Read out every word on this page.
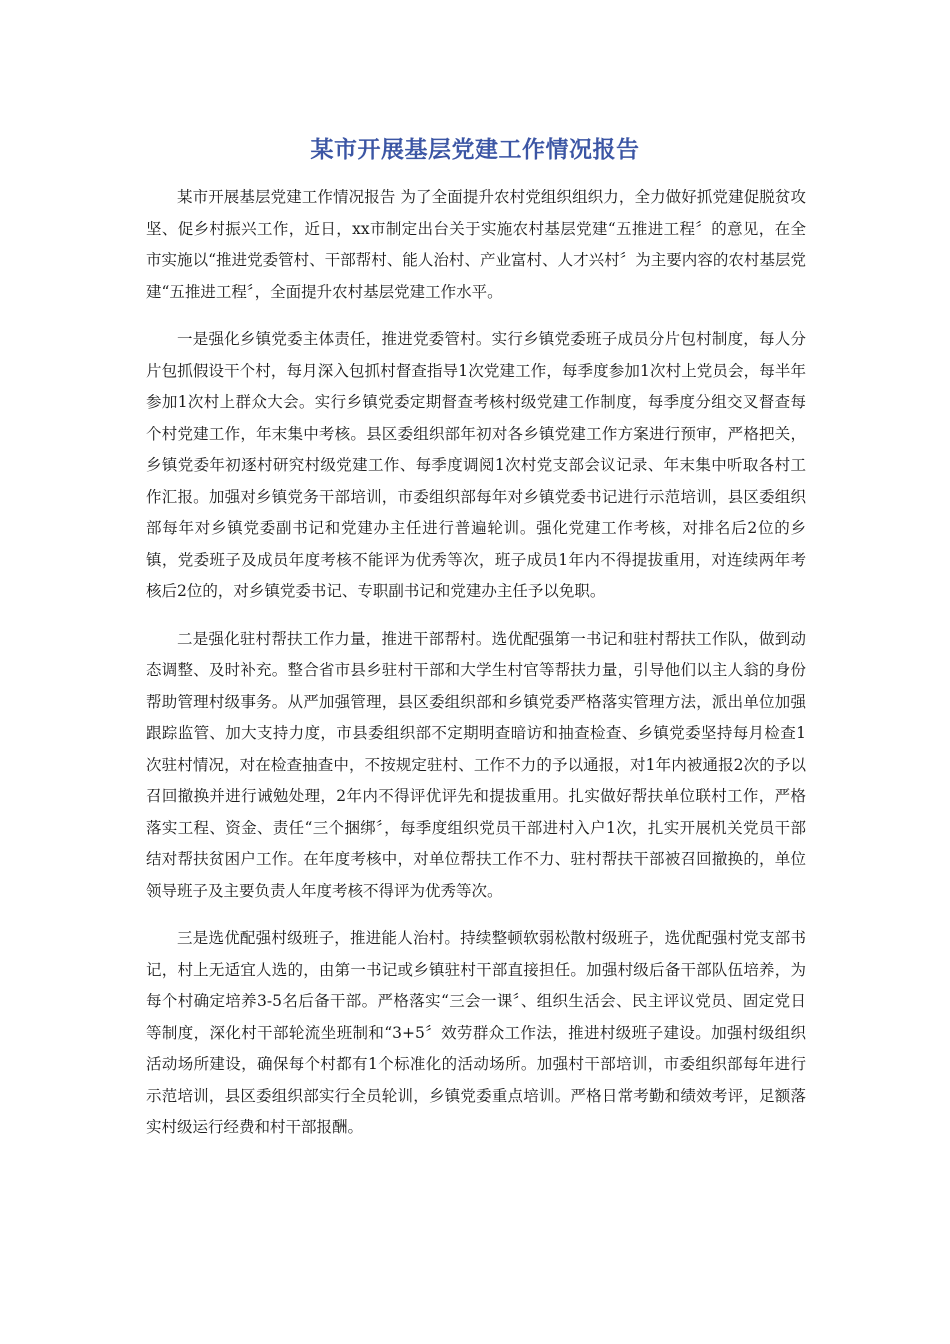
某市开展基层党建工作情况报告

某市开展基层党建工作情况报告 为了全面提升农村党组织组织力，全力做好抓党建促脱贫攻坚、促乡村振兴工作，近日，xx市制定出台关于实施农村基层党建“五推进工程〞的意见，在全市实施以“推进党委管村、干部帮村、能人治村、产业富村、人才兴村〞为主要内容的农村基层党建“五推进工程〞，全面提升农村基层党建工作水平。

一是强化乡镇党委主体责任，推进党委管村。实行乡镇党委班子成员分片包村制度，每人分片包抓假设干个村，每月深入包抓村督查指导1次党建工作，每季度参加1次村上党员会，每半年参加1次村上群众大会。实行乡镇党委定期督查考核村级党建工作制度，每季度分组交叉督查每个村党建工作，年末集中考核。县区委组织部年初对各乡镇党建工作方案进行预审，严格把关，乡镇党委年初逐村研究村级党建工作、每季度调阅1次村党支部会议记录、年末集中听取各村工作汇报。加强对乡镇党务干部培训，市委组织部每年对乡镇党委书记进行示范培训，县区委组织部每年对乡镇党委副书记和党建办主任进行普遍轮训。强化党建工作考核，对排名后2位的乡镇，党委班子及成员年度考核不能评为优秀等次，班子成员1年内不得提拔重用，对连续两年考核后2位的，对乡镇党委书记、专职副书记和党建办主任予以免职。

二是强化驻村帮扶工作力量，推进干部帮村。选优配强第一书记和驻村帮扶工作队，做到动态调整、及时补充。整合省市县乡驻村干部和大学生村官等帮扶力量，引导他们以主人翁的身份帮助管理村级事务。从严加强管理，县区委组织部和乡镇党委严格落实管理方法，派出单位加强跟踪监管、加大支持力度，市县委组织部不定期明查暗访和抽查检查、乡镇党委坚持每月检查1次驻村情况，对在检查抽查中，不按规定驻村、工作不力的予以通报，对1年内被通报2次的予以召回撤换并进行诫勉处理，2年内不得评优评先和提拔重用。扎实做好帮扶单位联村工作，严格落实工程、资金、责任“三个捆绑〞，每季度组织党员干部进村入户1次，扎实开展机关党员干部结对帮扶贫困户工作。在年度考核中，对单位帮扶工作不力、驻村帮扶干部被召回撤换的，单位领导班子及主要负责人年度考核不得评为优秀等次。

三是选优配强村级班子，推进能人治村。持续整顿软弱松散村级班子，选优配强村党支部书记，村上无适宜人选的，由第一书记或乡镇驻村干部直接担任。加强村级后备干部队伍培养，为每个村确定培养3-5名后备干部。严格落实“三会一课〞、组织生活会、民主评议党员、固定党日等制度，深化村干部轮流坐班制和“3+5〞效劳群众工作法，推进村级班子建设。加强村级组织活动场所建设，确保每个村都有1个标准化的活动场所。加强村干部培训，市委组织部每年进行示范培训，县区委组织部实行全员轮训，乡镇党委重点培训。严格日常考勤和绩效考评，足额落实村级运行经费和村干部报酬。
